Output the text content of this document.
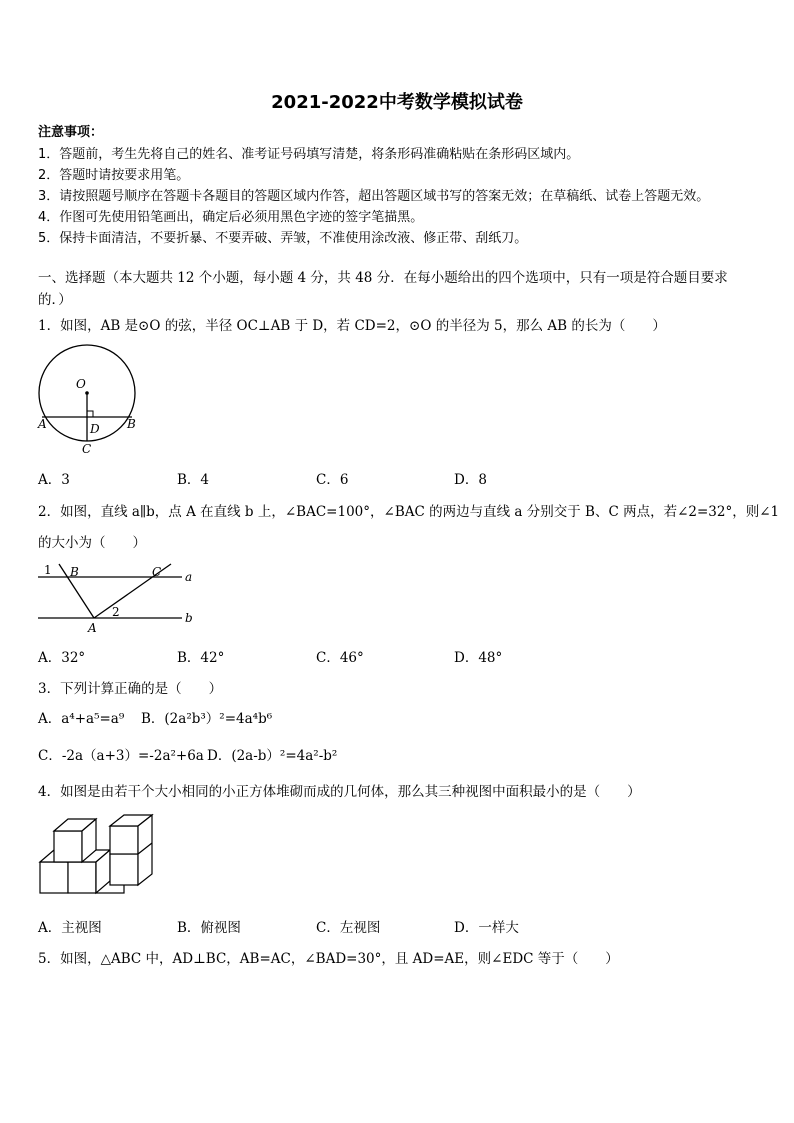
2021-2022中考数学模拟试卷
注意事项：
1．答题前，考生先将自己的姓名、准考证号码填写清楚，将条形码准确粘贴在条形码区域内。
2．答题时请按要求用笔。
3．请按照题号顺序在答题卡各题目的答题区域内作答，超出答题区域书写的答案无效；在草稿纸、试卷上答题无效。
4．作图可先使用铅笔画出，确定后必须用黑色字迹的签字笔描黑。
5．保持卡面清洁，不要折暴、不要弄破、弄皱，不准使用涂改液、修正带、刮纸刀。
一、选择题（本大题共 12 个小题，每小题 4 分，共 48 分．在每小题给出的四个选项中，只有一项是符合题目要求
的．）
1．如图，AB 是⊙O 的弦，半径 OC⊥AB 于 D，若 CD=2，⊙O 的半径为 5，那么 AB 的长为（　　）
O
A	B
D
C
A．3	B．4	C．6	D．8
2．如图，直线 a∥b，点 A 在直线 b 上，∠BAC=100°，∠BAC 的两边与直线 a 分别交于 B、C 两点，若∠2=32°，则∠1
的大小为（　　）
1 B	C a
2	b
A
A．32°	B．42°	C．46°	D．48°
3．下列计算正确的是（　　）
A．a⁴+a⁵=a⁹ B．(2a²b³）²=4a⁴b⁶
C．-2a（a+3）=-2a²+6a D．(2a-b）²=4a²-b²
4．如图是由若干个大小相同的小正方体堆砌而成的几何体，那么其三种视图中面积最小的是（　　）
A．主视图	B．俯视图	C．左视图	D．一样大
5．如图，△ABC 中，AD⊥BC，AB=AC，∠BAD=30°，且 AD=AE，则∠EDC 等于（　　）
